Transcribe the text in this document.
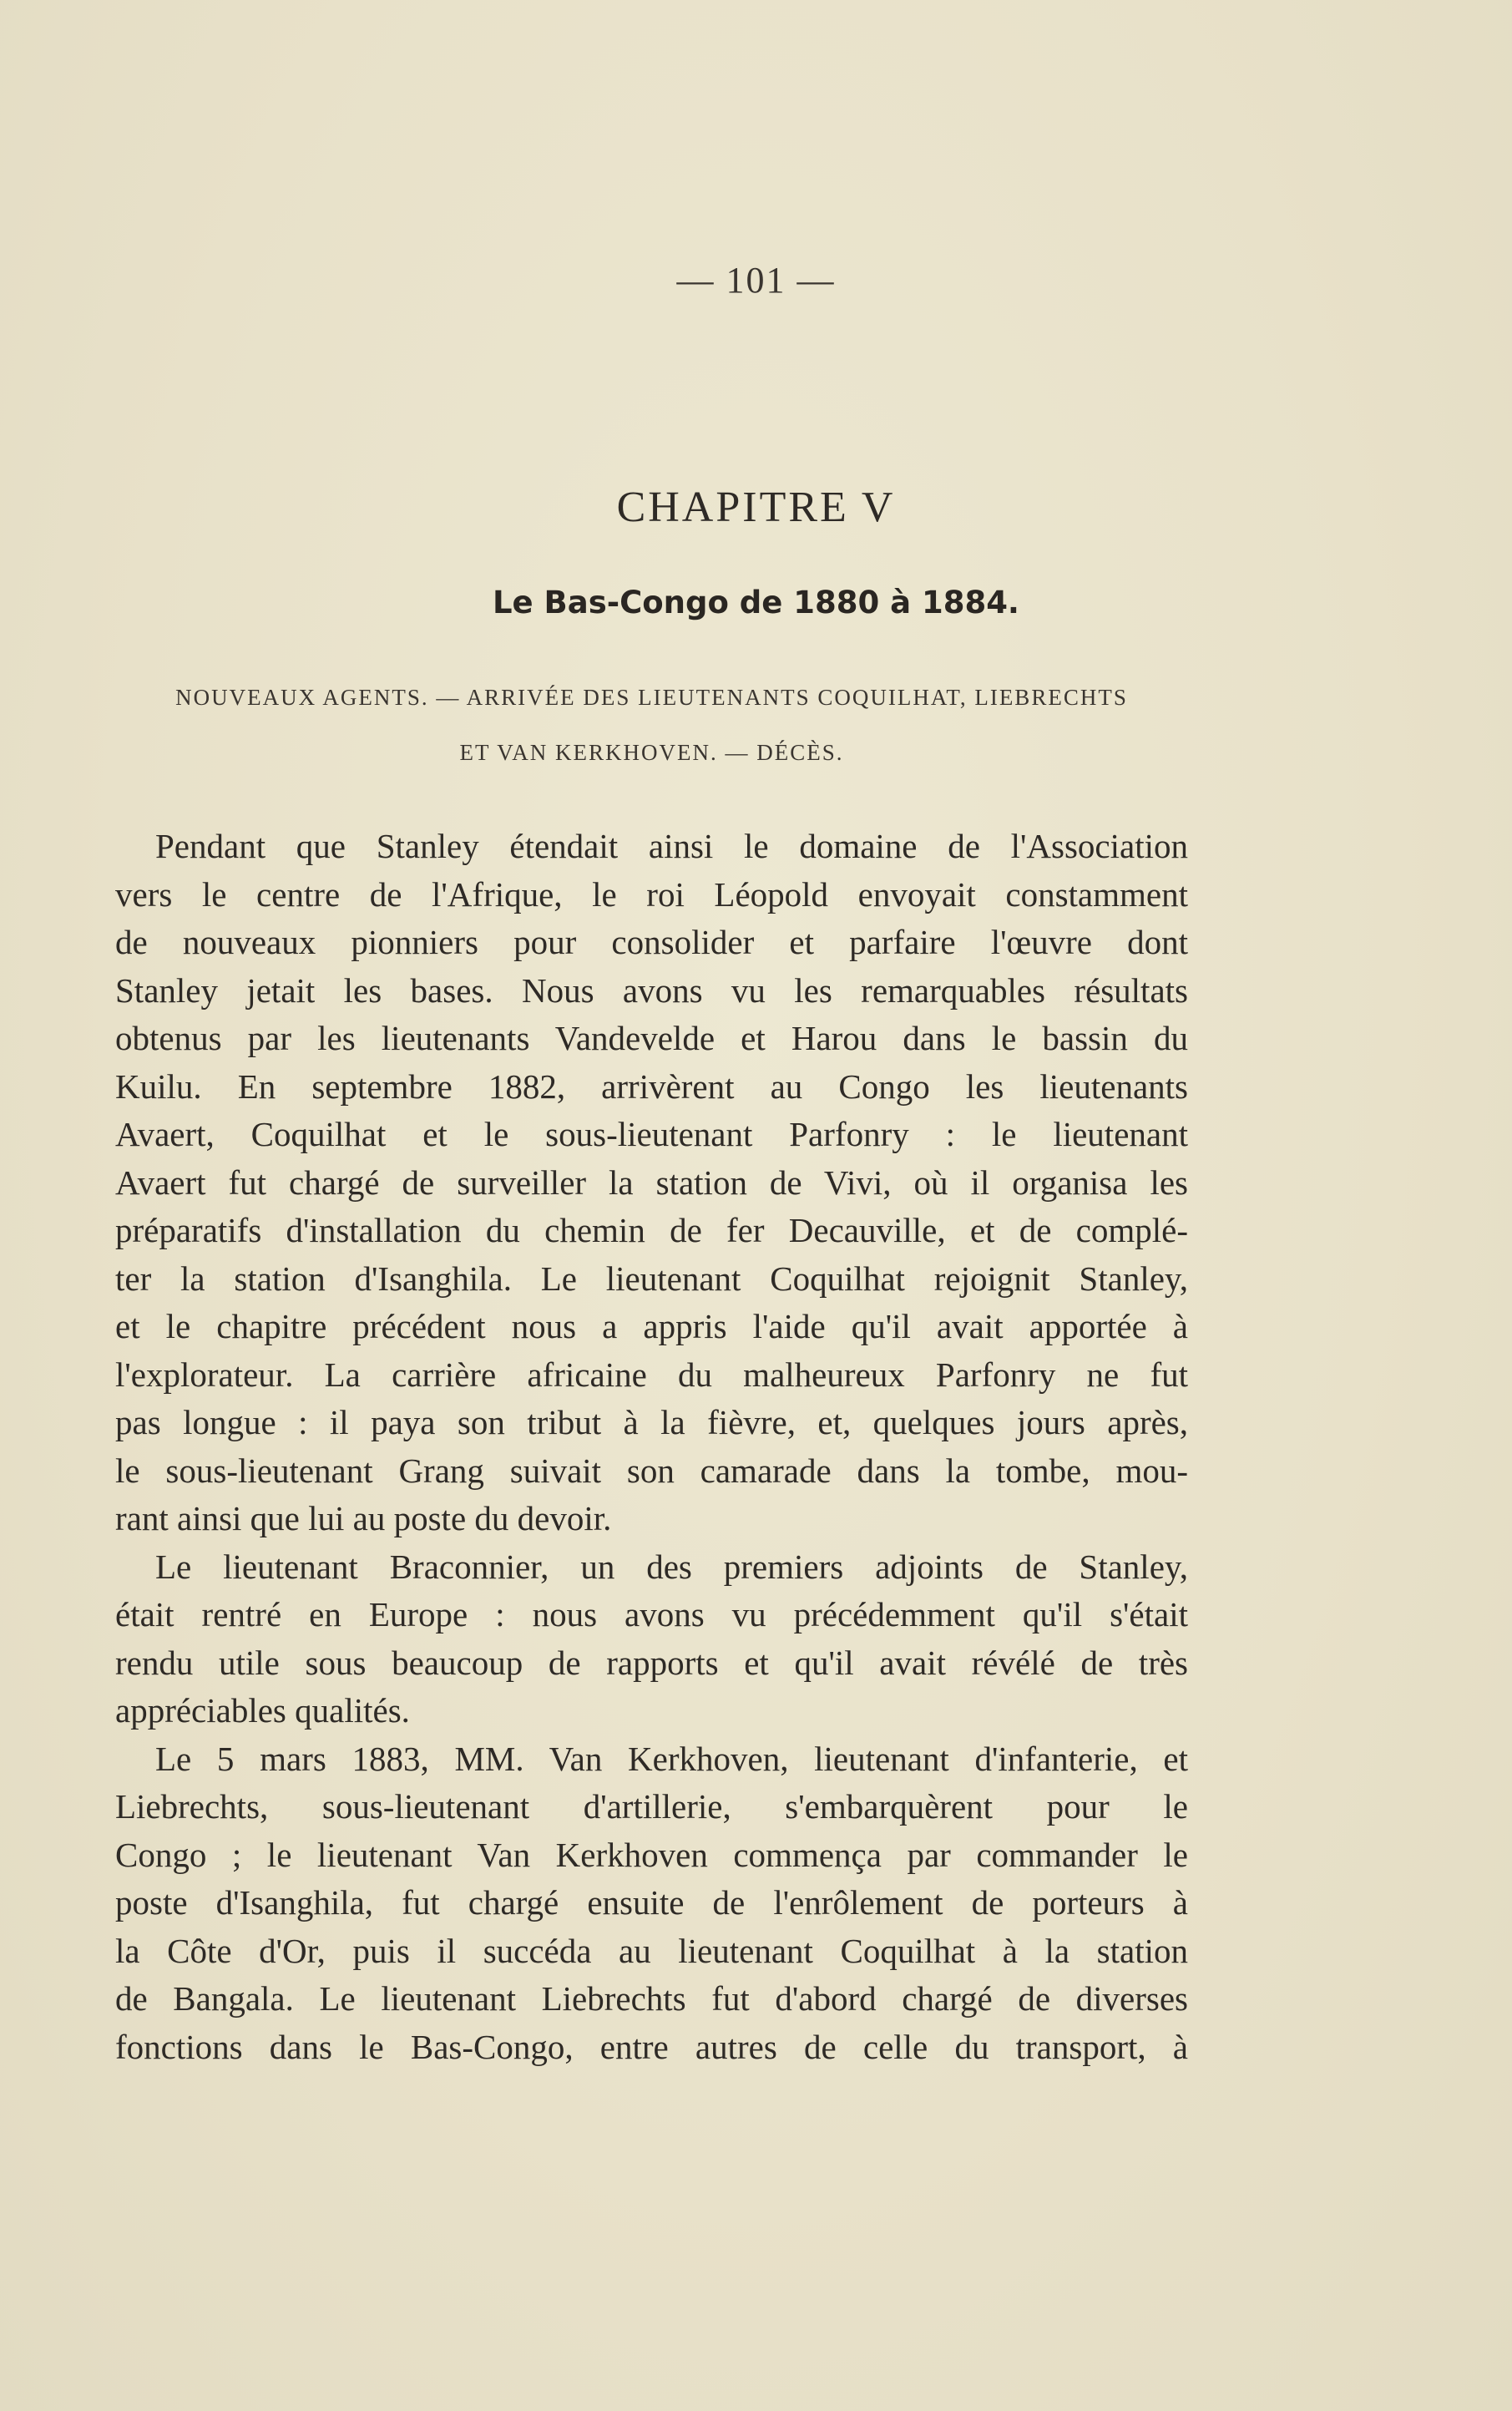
— 101 —
CHAPITRE V
Le Bas-Congo de 1880 à 1884.
NOUVEAUX AGENTS. — ARRIVÉE DES LIEUTENANTS COQUILHAT, LIEBRECHTS
ET VAN KERKHOVEN. — DÉCÈS.
Pendant que Stanley étendait ainsi le domaine de l'Association
vers le centre de l'Afrique, le roi Léopold envoyait constamment
de nouveaux pionniers pour consolider et parfaire l'œuvre dont
Stanley jetait les bases. Nous avons vu les remarquables résultats
obtenus par les lieutenants Vandevelde et Harou dans le bassin du
Kuilu. En septembre 1882, arrivèrent au Congo les lieutenants
Avaert, Coquilhat et le sous-lieutenant Parfonry : le lieutenant
Avaert fut chargé de surveiller la station de Vivi, où il organisa les
préparatifs d'installation du chemin de fer Decauville, et de complé-
ter la station d'Isanghila. Le lieutenant Coquilhat rejoignit Stanley,
et le chapitre précédent nous a appris l'aide qu'il avait apportée à
l'explorateur. La carrière africaine du malheureux Parfonry ne fut
pas longue : il paya son tribut à la fièvre, et, quelques jours après,
le sous-lieutenant Grang suivait son camarade dans la tombe, mou-
rant ainsi que lui au poste du devoir.
Le lieutenant Braconnier, un des premiers adjoints de Stanley,
était rentré en Europe : nous avons vu précédemment qu'il s'était
rendu utile sous beaucoup de rapports et qu'il avait révélé de très
appréciables qualités.
Le 5 mars 1883, MM. Van Kerkhoven, lieutenant d'infanterie, et
Liebrechts, sous-lieutenant d'artillerie, s'embarquèrent pour le
Congo ; le lieutenant Van Kerkhoven commença par commander le
poste d'Isanghila, fut chargé ensuite de l'enrôlement de porteurs à
la Côte d'Or, puis il succéda au lieutenant Coquilhat à la station
de Bangala. Le lieutenant Liebrechts fut d'abord chargé de diverses
fonctions dans le Bas-Congo, entre autres de celle du transport, à
